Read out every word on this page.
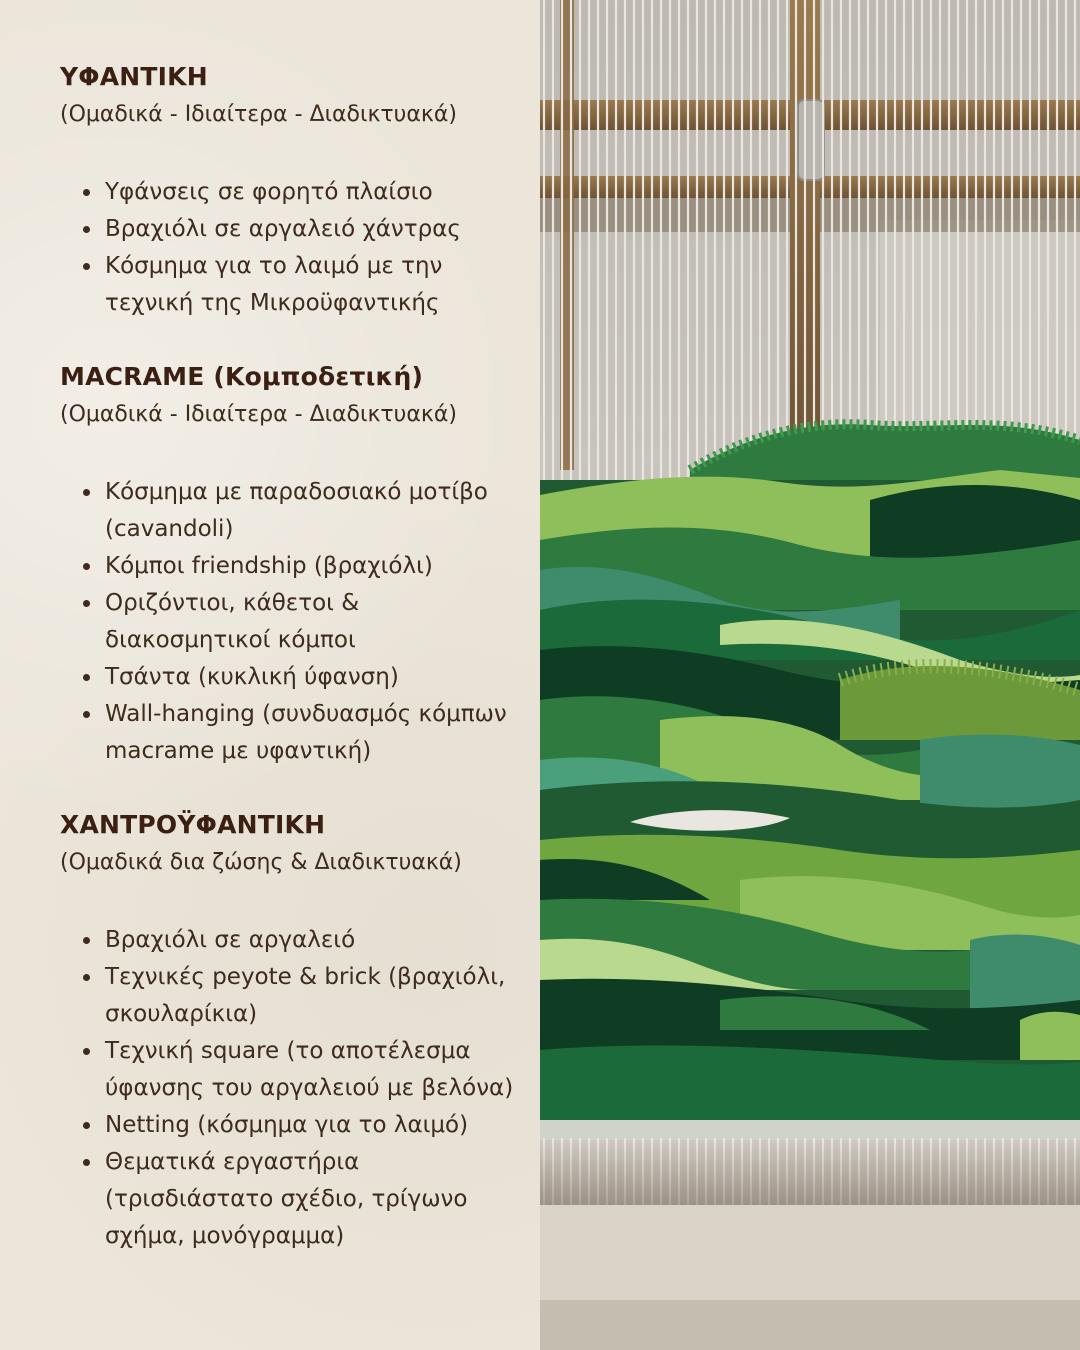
ΥΦΑΝΤΙΚΗ
(Ομαδικά - Ιδιαίτερα - Διαδικτυακά)
Υφάνσεις σε φορητό πλαίσιο
Βραχιόλι σε αργαλειό χάντρας
Κόσμημα για το λαιμό με την τεχνική της Μικροϋφαντικής
MACRAME (Κομποδετική)
(Ομαδικά - Ιδιαίτερα - Διαδικτυακά)
Κόσμημα με παραδοσιακό μοτίβο (cavandoli)
Κόμποι friendship (βραχιόλι)
Οριζόντιοι, κάθετοι & διακοσμητικοί κόμποι
Τσάντα (κυκλική ύφανση)
Wall-hanging (συνδυασμός κόμπων macrame με υφαντική)
ΧΑΝΤΡΟΫΦΑΝΤΙΚΗ
(Ομαδικά δια ζώσης & Διαδικτυακά)
Βραχιόλι σε αργαλειό
Τεχνικές peyote & brick (βραχιόλι, σκουλαρίκια)
Τεχνική square (το αποτέλεσμα ύφανσης του αργαλειού με βελόνα)
Netting (κόσμημα για το λαιμό)
Θεματικά εργαστήρια (τρισδιάστατο σχέδιο, τρίγωνο σχήμα, μονόγραμμα)
